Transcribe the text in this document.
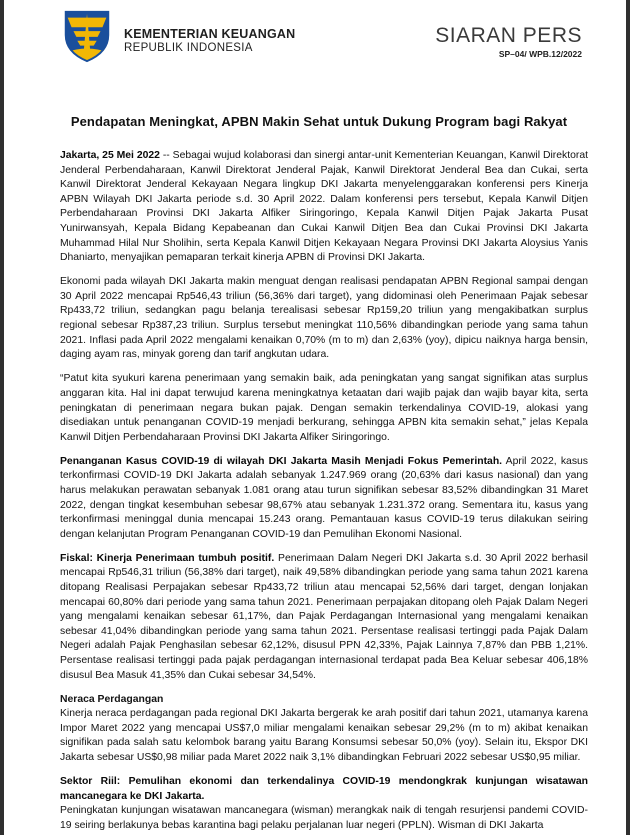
KEMENTERIAN KEUANGAN
REPUBLIK INDONESIA
SIARAN PERS
SP–04/ WPB.12/2022
Pendapatan Meningkat, APBN Makin Sehat untuk Dukung Program bagi Rakyat

Jakarta, 25 Mei 2022 -- Sebagai wujud kolaborasi dan sinergi antar-unit Kementerian Keuangan, Kanwil Direktorat Jenderal Perbendaharaan, Kanwil Direktorat Jenderal Pajak, Kanwil Direktorat Jenderal Bea dan Cukai, serta Kanwil Direktorat Jenderal Kekayaan Negara lingkup DKI Jakarta menyelenggarakan konferensi pers Kinerja APBN Wilayah DKI Jakarta periode s.d. 30 April 2022. Dalam konferensi pers tersebut, Kepala Kanwil Ditjen Perbendaharaan Provinsi DKI Jakarta Alfiker Siringoringo, Kepala Kanwil Ditjen Pajak Jakarta Pusat Yunirwansyah, Kepala Bidang Kepabeanan dan Cukai Kanwil Ditjen Bea dan Cukai Provinsi DKI Jakarta Muhammad Hilal Nur Sholihin, serta Kepala Kanwil Ditjen Kekayaan Negara Provinsi DKI Jakarta Aloysius Yanis Dhaniarto, menyajikan pemaparan terkait kinerja APBN di Provinsi DKI Jakarta.

Ekonomi pada wilayah DKI Jakarta makin menguat dengan realisasi pendapatan APBN Regional sampai dengan 30 April 2022 mencapai Rp546,43 triliun (56,36% dari target), yang didominasi oleh Penerimaan Pajak sebesar Rp433,72 triliun, sedangkan pagu belanja terealisasi sebesar Rp159,20 triliun yang mengakibatkan surplus regional sebesar Rp387,23 triliun. Surplus tersebut meningkat 110,56% dibandingkan periode yang sama tahun 2021. Inflasi pada April 2022 mengalami kenaikan 0,70% (m to m) dan 2,63% (yoy), dipicu naiknya harga bensin, daging ayam ras, minyak goreng dan tarif angkutan udara.

“Patut kita syukuri karena penerimaan yang semakin baik, ada peningkatan yang sangat signifikan atas surplus anggaran kita. Hal ini dapat terwujud karena meningkatnya ketaatan dari wajib pajak dan wajib bayar kita, serta peningkatan di penerimaan negara bukan pajak. Dengan semakin terkendalinya COVID-19, alokasi yang disediakan untuk penanganan COVID-19 menjadi berkurang, sehingga APBN kita semakin sehat,” jelas Kepala Kanwil Ditjen Perbendaharaan Provinsi DKI Jakarta Alfiker Siringoringo.

Penanganan Kasus COVID-19 di wilayah DKI Jakarta Masih Menjadi Fokus Pemerintah. April 2022, kasus terkonfirmasi COVID-19 DKI Jakarta adalah sebanyak 1.247.969 orang (20,63% dari kasus nasional) dan yang harus melakukan perawatan sebanyak 1.081 orang atau turun signifikan sebesar 83,52% dibandingkan 31 Maret 2022, dengan tingkat kesembuhan sebesar 98,67% atau sebanyak 1.231.372 orang. Sementara itu, kasus yang terkonfirmasi meninggal dunia mencapai 15.243 orang. Pemantauan kasus COVID-19 terus dilakukan seiring dengan kelanjutan Program Penanganan COVID-19 dan Pemulihan Ekonomi Nasional.

Fiskal: Kinerja Penerimaan tumbuh positif. Penerimaan Dalam Negeri DKI Jakarta s.d. 30 April 2022 berhasil mencapai Rp546,31 triliun (56,38% dari target), naik 49,58% dibandingkan periode yang sama tahun 2021 karena ditopang Realisasi Perpajakan sebesar Rp433,72 triliun atau mencapai 52,56% dari target, dengan lonjakan mencapai 60,80% dari periode yang sama tahun 2021. Penerimaan perpajakan ditopang oleh Pajak Dalam Negeri yang mengalami kenaikan sebesar 61,17%, dan Pajak Perdagangan Internasional yang mengalami kenaikan sebesar 41,04% dibandingkan periode yang sama tahun 2021. Persentase realisasi tertinggi pada Pajak Dalam Negeri adalah Pajak Penghasilan sebesar 62,12%, disusul PPN 42,33%, Pajak Lainnya 7,87% dan PBB 1,21%. Persentase realisasi tertinggi pada pajak perdagangan internasional terdapat pada Bea Keluar sebesar 406,18% disusul Bea Masuk 41,35% dan Cukai sebesar 34,54%.

Neraca Perdagangan

Kinerja neraca perdagangan pada regional DKI Jakarta bergerak ke arah positif dari tahun 2021, utamanya karena Impor Maret 2022 yang mencapai US$7,0 miliar mengalami kenaikan sebesar 29,2% (m to m) akibat kenaikan signifikan pada salah satu kelombok barang yaitu Barang Konsumsi sebesar 50,0% (yoy). Selain itu, Ekspor DKI Jakarta sebesar US$0,98 miliar pada Maret 2022 naik 3,1% dibandingkan Februari 2022 sebesar US$0,95 miliar.

Sektor Riil: Pemulihan ekonomi dan terkendalinya COVID-19 mendongkrak kunjungan wisatawan mancanegara ke DKI Jakarta.
Peningkatan kunjungan wisatawan mancanegara (wisman) merangkak naik di tengah resurjensi pandemi COVID-19 seiring berlakunya bebas karantina bagi pelaku perjalanan luar negeri (PPLN). Wisman di DKI Jakarta
